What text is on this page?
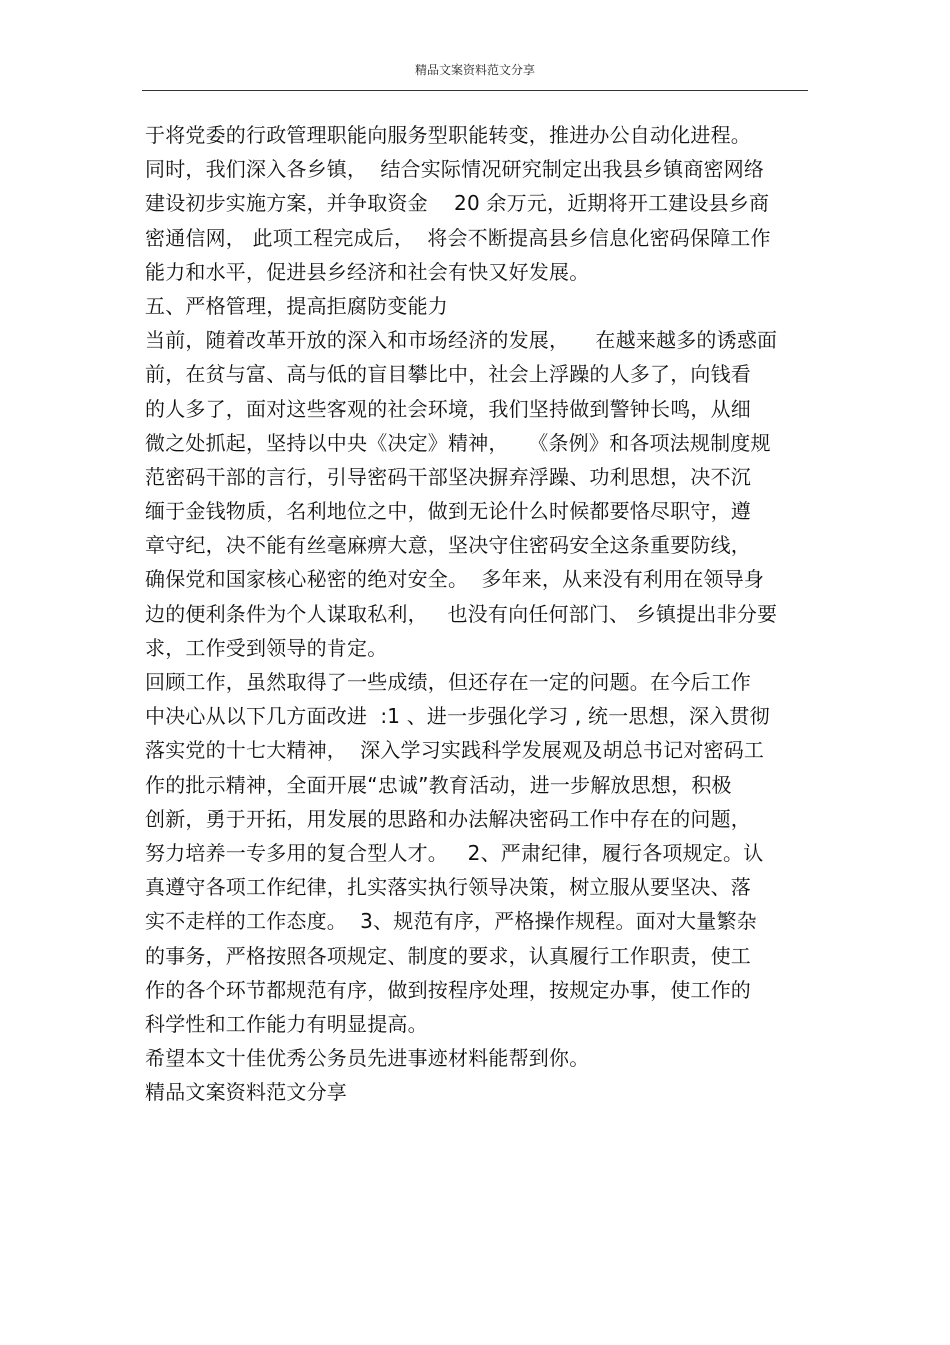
精品文案资料范文分享
于将党委的行政管理职能向服务型职能转变，推进办公自动化进程。
同时，我们深入各乡镇，  结合实际情况研究制定出我县乡镇商密网络
建设初步实施方案，并争取资金    20 余万元，近期将开工建设县乡商
密通信网， 此项工程完成后，  将会不断提高县乡信息化密码保障工作
能力和水平，促进县乡经济和社会有快又好发展。
五、严格管理，提高拒腐防变能力
当前，随着改革开放的深入和市场经济的发展，    在越来越多的诱惑面
前，在贫与富、高与低的盲目攀比中，社会上浮躁的人多了，向钱看
的人多了，面对这些客观的社会环境，我们坚持做到警钟长鸣，从细
微之处抓起，坚持以中央《决定》精神，   《条例》和各项法规制度规
范密码干部的言行，引导密码干部坚决摒弃浮躁、功利思想，决不沉
缅于金钱物质，名利地位之中，做到无论什么时候都要恪尽职守，遵
章守纪，决不能有丝毫麻痹大意，坚决守住密码安全这条重要防线，
确保党和国家核心秘密的绝对安全。  多年来，从来没有利用在领导身
边的便利条件为个人谋取私利，   也没有向任何部门、 乡镇提出非分要
求，工作受到领导的肯定。
回顾工作，虽然取得了一些成绩，但还存在一定的问题。在今后工作
中决心从以下几方面改进  :1 、进一步强化学习 , 统一思想，深入贯彻
落实党的十七大精神，  深入学习实践科学发展观及胡总书记对密码工
作的批示精神，全面开展“忠诚”教育活动，进一步解放思想，积极
创新，勇于开拓，用发展的思路和办法解决密码工作中存在的问题，
努力培养一专多用的复合型人才。   2、严肃纪律，履行各项规定。认
真遵守各项工作纪律，扎实落实执行领导决策，树立服从要坚决、落
实不走样的工作态度。  3、规范有序，严格操作规程。面对大量繁杂
的事务，严格按照各项规定、制度的要求，认真履行工作职责，使工
作的各个环节都规范有序，做到按程序处理，按规定办事，使工作的
科学性和工作能力有明显提高。
希望本文十佳优秀公务员先进事迹材料能帮到你。
精品文案资料范文分享
